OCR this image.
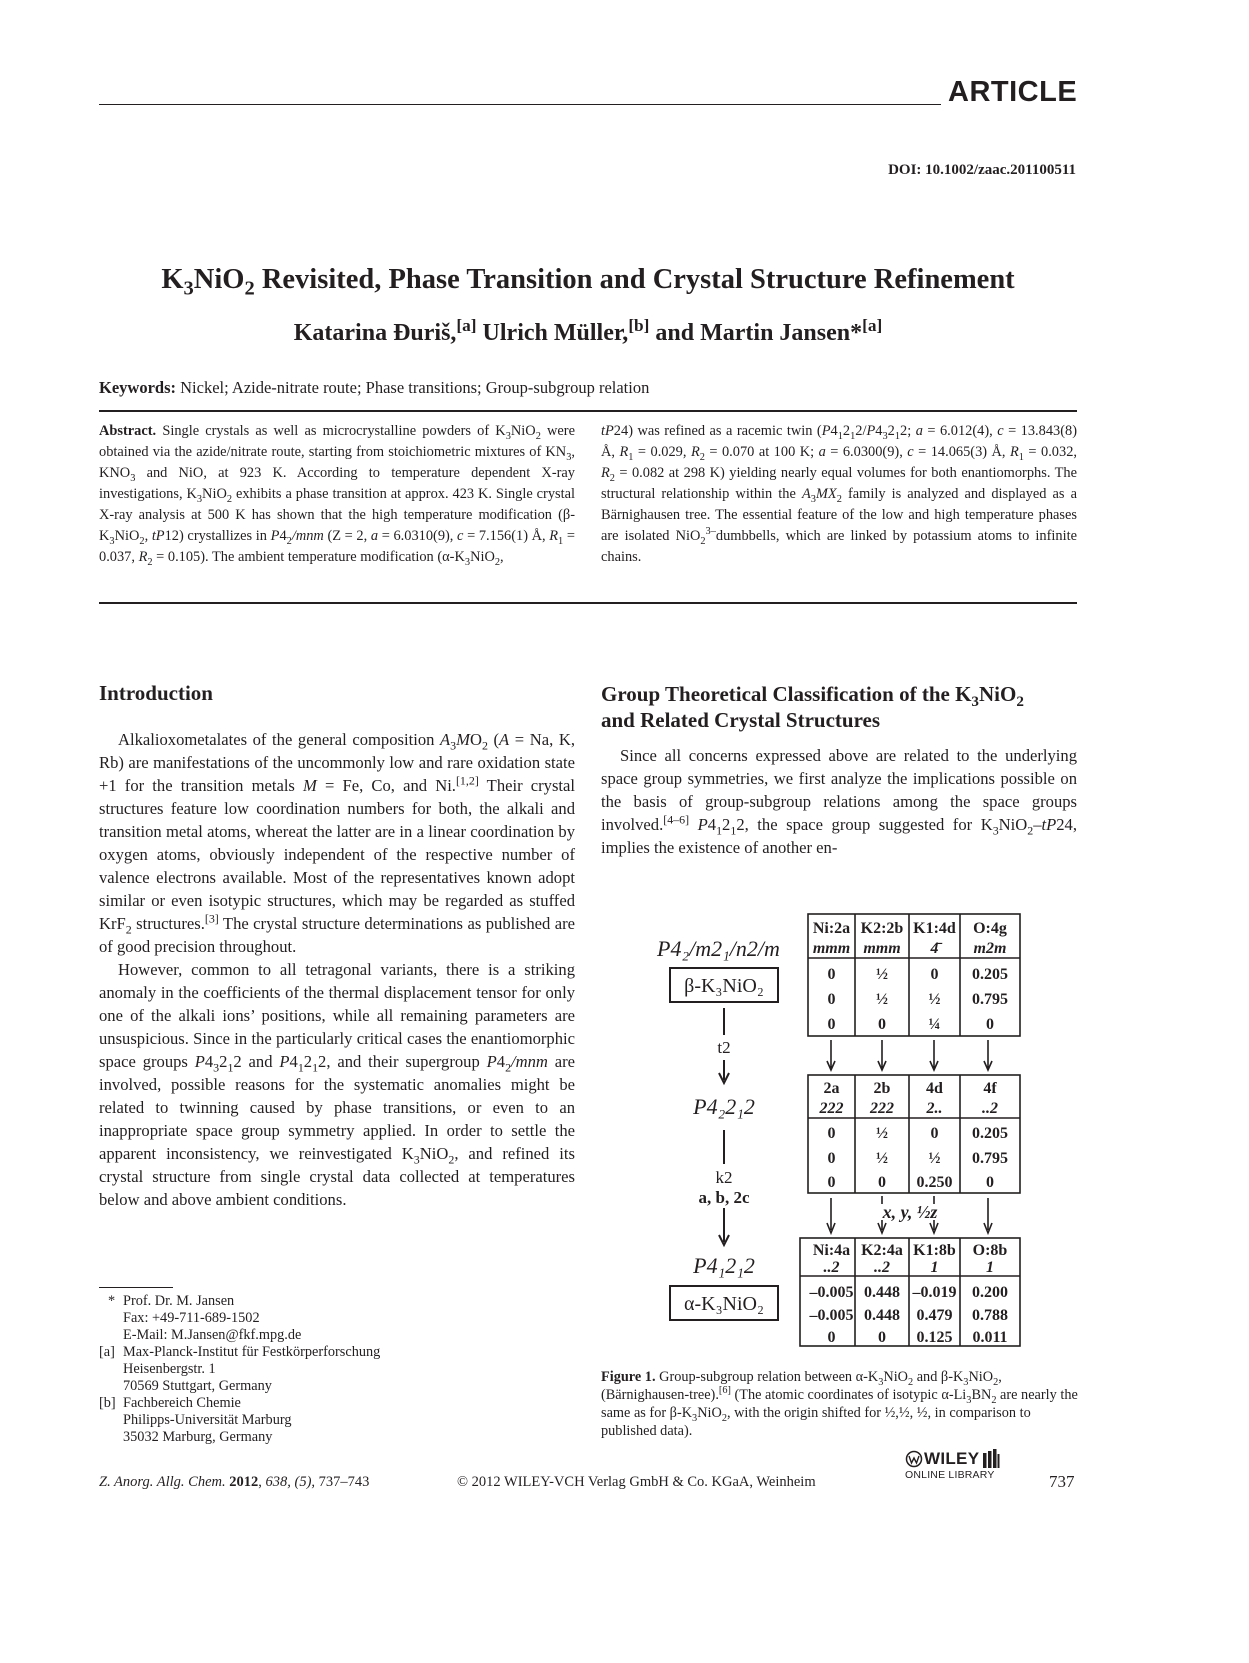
ARTICLE
DOI: 10.1002/zaac.201100511
$K_3NiO_2$ Revisited, Phase Transition and Crystal Structure Refinement
Katarina Đuriš,[a] Ulrich Müller,[b] and Martin Jansen*[a]
Keywords: Nickel; Azide-nitrate route; Phase transitions; Group-subgroup relation
Abstract. Single crystals as well as microcrystalline powders of $K_3NiO_2$ were obtained via the azide/nitrate route, starting from stoichiometric mixtures of $KN_3$, $KNO_3$ and NiO, at 923 K. According to temperature dependent X-ray investigations, $K_3NiO_2$ exhibits a phase transition at approx. 423 K. Single crystal X-ray analysis at 500 K has shown that the high temperature modification ($\beta-K_3NiO_2$, tP12) crystallizes in $P4_2$/mnm (Z = 2, a = 6.0310(9), c = 7.156(1) Å, $R_1 = 0.037$, $R_2 = 0.105$). The ambient temperature modification ($\alpha-K_3NiO_2$,
tP24) was refined as a racemic twin ($P4_12_12/P4_32_12$; a = 6.012(4), c = 13.843(8) Å, $R_1 = 0.029$, $R_2 = 0.070$ at 100 K; a = 6.0300(9), c = 14.065(3) Å, $R_1 = 0.032$, $R_2 = 0.082$ at 298 K) yielding nearly equal volumes for both enantiomorphs. The structural relationship within the $A_3MX_2$ family is analyzed and displayed as a Bärnighausen tree. The essential feature of the low and high temperature phases are isolated NiO$_2^{3-}$dumbbells, which are linked by potassium atoms to infinite chains.
Introduction

Alkalioxometalates of the general composition $A_3MO_2$ (A = Na, K, Rb) are manifestations of the uncommonly low and rare oxidation state +1 for the transition metals M = Fe, Co, and Ni.[1,2] Their crystal structures feature low coordination numbers for both, the alkali and transition metal atoms, whereat the latter are in a linear coordination by oxygen atoms, obviously independent of the respective number of valence electrons available. Most of the representatives known adopt similar or even isotypic structures, which may be regarded as stuffed KrF$_2$ structures.[3] The crystal structure determinations as published are of good precision throughout.

However, common to all tetragonal variants, there is a striking anomaly in the coefficients of the thermal displacement tensor for only one of the alkali ions’ positions, while all remaining parameters are unsuspicious. Since in the particularly critical cases the enantiomorphic space groups $P4_32_12$ and $P4_12_12$, and their supergroup $P4_2$/mnm are involved, possible reasons for the systematic anomalies might be related to twinning caused by phase transitions, or even to an inappropriate space group symmetry applied. In order to settle the apparent inconsistency, we reinvestigated $K_3NiO_2$, and refined its crystal structure from single crystal data collected at temperatures below and above ambient conditions.

* Prof. Dr. M. Jansen
Fax: +49-711-689-1502
E-Mail: M.Jansen@fkf.mpg.de
[a] Max-Planck-Institut für Festkörperforschung
Heisenbergstr. 1
70569 Stuttgart, Germany
[b] Fachbereich Chemie
Philipps-Universität Marburg
35032 Marburg, Germany
Group Theoretical Classification of the $K_3NiO_2$
and Related Crystal Structures

Since all concerns expressed above are related to the underlying space group symmetries, we first analyze the implications possible on the basis of group-subgroup relations among the space groups involved.[4–6] $P4_12_12$, the space group suggested for $K_3NiO_2-tP24$, implies the existence of another en-

P4₂/m2₁/n2/m
β-K₃NiO₂
t2
P4₂2₁2
k2
a, b, 2c
P4₁2₁2
α-K₃NiO₂
x, y, ½z
Ni:2a K2:2b K1:4d O:4g
mmm mmm 4̄ m2m
0	½	0 0.205
0	½	½ 0.795
0	0	¼	0
2a 2b 4d	4f
222 222 2.. ..2
0	½	0 0.205
0	½	½ 0.795
0	0 0.250 0
Ni:4a K2:4a K1:8b O:8b
..2 ..2	1	1
–0.005 0.448 –0.019 0.200
–0.005 0.448 0.479 0.788
0	0 0.125 0.011
Figure 1. Group-subgroup relation between $\alpha-K_3NiO_2$ and $\beta-K_3NiO_2$, (Bärnighausen-tree).[6] (The atomic coordinates of isotypic $\alpha-Li_3BN_2$ are nearly the same as for $\beta-K_3NiO_2$, with the origin shifted for ½,½, ½, in comparison to published data).
Z. Anorg. Allg. Chem. 2012, 638, (5), 737–743	© 2012 WILEY-VCH Verlag GmbH & Co. KGaA, Weinheim
WILEY
ONLINE LIBRARY	737
